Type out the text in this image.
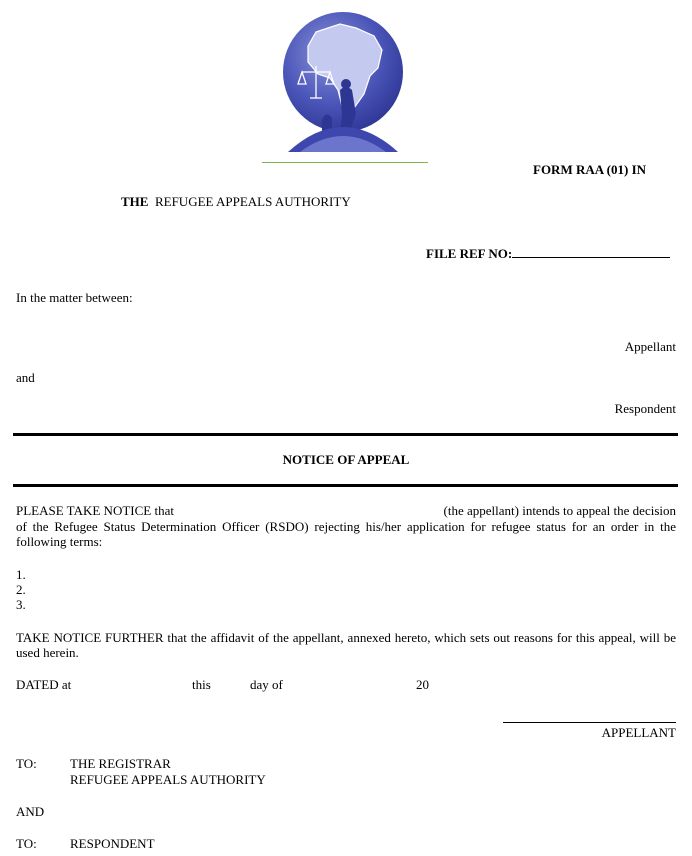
FORM RAA (01) IN
THE REFUGEE APPEALS AUTHORITY
FILE REF NO:
In the matter between:
Appellant
and
Respondent
NOTICE OF APPEAL
PLEASE TAKE NOTICE that	(the appellant) intends to appeal the decision
of the Refugee Status Determination Officer (RSDO) rejecting his/her application for refugee status for an order in the following terms:
1.
2.
3.
TAKE NOTICE FURTHER that the affidavit of the appellant, annexed hereto, which sets out reasons for this appeal, will be used herein.
DATED at	this	day of	20
APPELLANT
TO:	THE REGISTRAR
REFUGEE APPEALS AUTHORITY
AND
TO:	RESPONDENT
